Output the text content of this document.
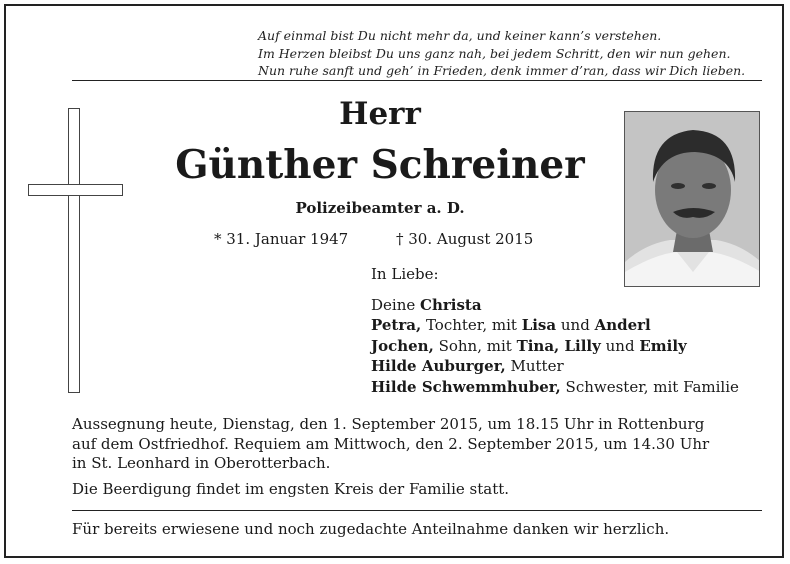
Auf einmal bist Du nicht mehr da, und keiner kann’s verstehen.
Im Herzen bleibst Du uns ganz nah, bei jedem Schritt, den wir nun gehen.
Nun ruhe sanft und geh’ in Frieden, denk immer d’ran, dass wir Dich lieben.
Herr
Günther Schreiner
Polizeibeamter a. D.
* 31. Januar 1947	† 30. August 2015
In Liebe:
Deine Christa
Petra, Tochter, mit Lisa und Anderl
Jochen, Sohn, mit Tina, Lilly und Emily
Hilde Auburger, Mutter
Hilde Schwemmhuber, Schwester, mit Familie
Aussegnung heute, Dienstag, den 1. September 2015, um 18.15 Uhr in Rottenburg
auf dem Ostfriedhof. Requiem am Mittwoch, den 2. September 2015, um 14.30 Uhr
in St. Leonhard in Oberotterbach.
Die Beerdigung findet im engsten Kreis der Familie statt.
Für bereits erwiesene und noch zugedachte Anteilnahme danken wir herzlich.
